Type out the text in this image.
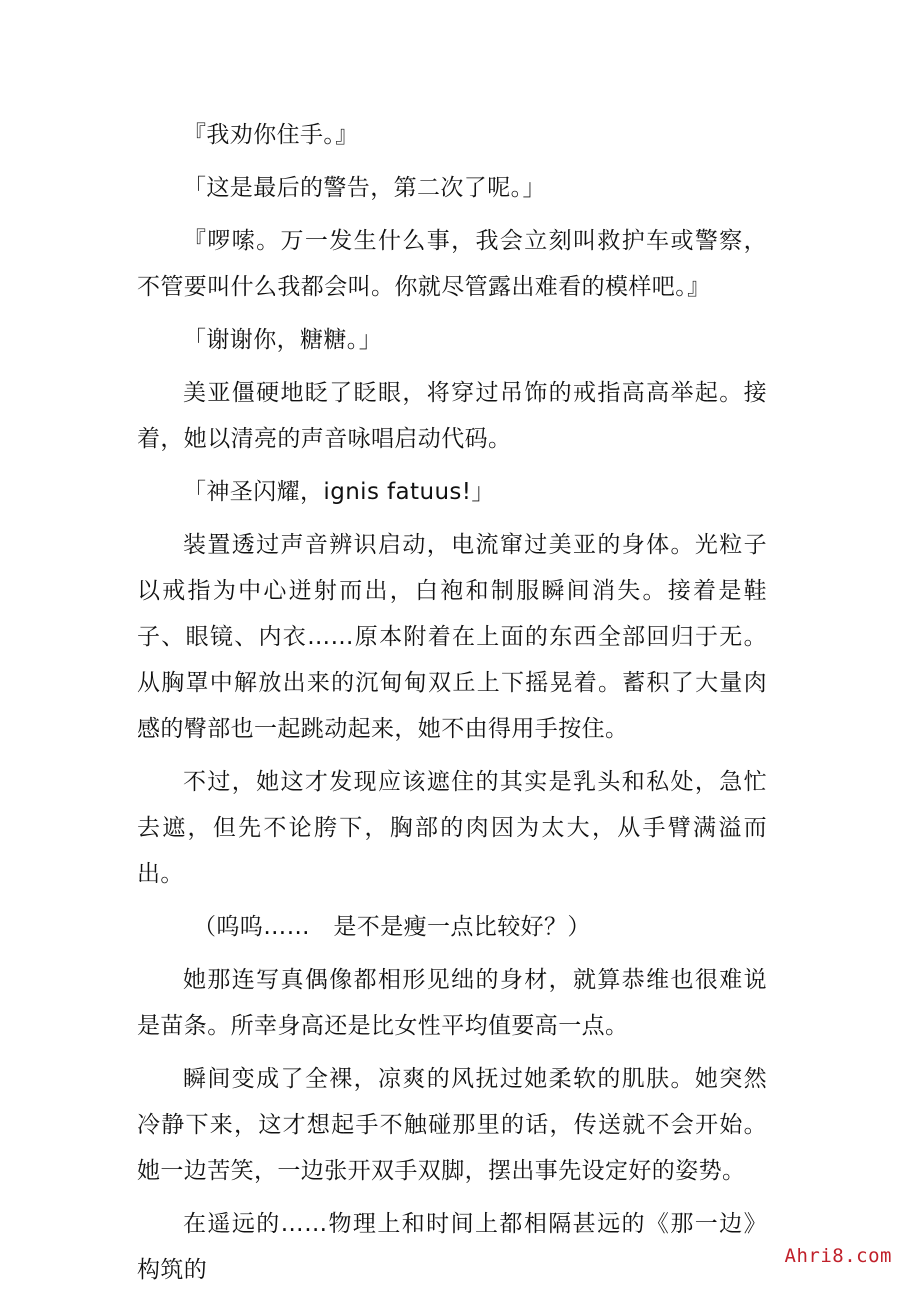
『我劝你住手。』

「这是最后的警告，第二次了呢。」

『啰嗦。万一发生什么事，我会立刻叫救护车或警察，不管要叫什么我都会叫。你就尽管露出难看的模样吧。』

「谢谢你，糖糖。」

美亚僵硬地眨了眨眼，将穿过吊饰的戒指高高举起。接着，她以清亮的声音咏唱启动代码。

「神圣闪耀，ignis fatuus!」

装置透过声音辨识启动，电流窜过美亚的身体。光粒子以戒指为中心迸射而出，白袍和制服瞬间消失。接着是鞋子、眼镜、内衣……原本附着在上面的东西全部回归于无。从胸罩中解放出来的沉甸甸双丘上下摇晃着。蓄积了大量肉感的臀部也一起跳动起来，她不由得用手按住。

不过，她这才发现应该遮住的其实是乳头和私处，急忙去遮，但先不论胯下，胸部的肉因为太大，从手臂满溢而出。

（呜呜……　是不是瘦一点比较好？）

她那连写真偶像都相形见绌的身材，就算恭维也很难说是苗条。所幸身高还是比女性平均值要高一点。

瞬间变成了全裸，凉爽的风抚过她柔软的肌肤。她突然冷静下来，这才想起手不触碰那里的话，传送就不会开始。她一边苦笑，一边张开双手双脚，摆出事先设定好的姿势。

在遥远的……物理上和时间上都相隔甚远的《那一边》构筑的

Ahri8.com
